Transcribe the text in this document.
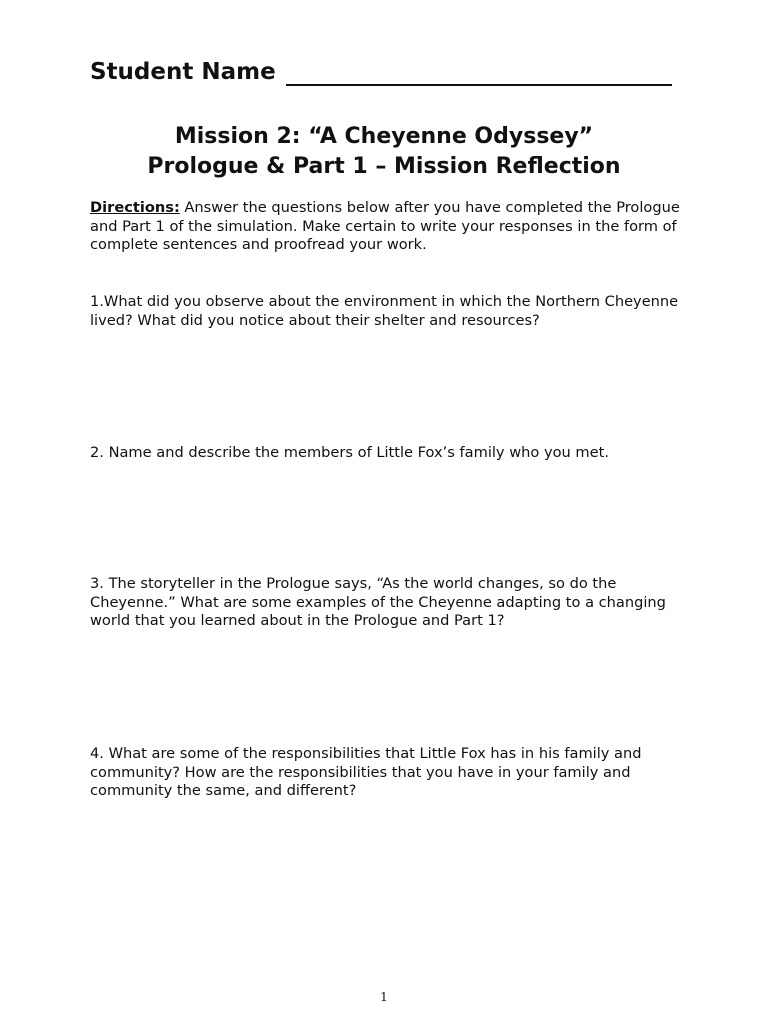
Student Name
Mission 2: “A Cheyenne Odyssey”
Prologue & Part 1 – Mission Reflection
Directions: Answer the questions below after you have completed the Prologue and Part 1 of the simulation. Make certain to write your responses in the form of complete sentences and proofread your work.
1.What did you observe about the environment in which the Northern Cheyenne lived? What did you notice about their shelter and resources?
2. Name and describe the members of Little Fox’s family who you met.
3. The storyteller in the Prologue says, “As the world changes, so do the Cheyenne.” What are some examples of the Cheyenne adapting to a changing world that you learned about in the Prologue and Part 1?
4. What are some of the responsibilities that Little Fox has in his family and community? How are the responsibilities that you have in your family and community the same, and different?
1
